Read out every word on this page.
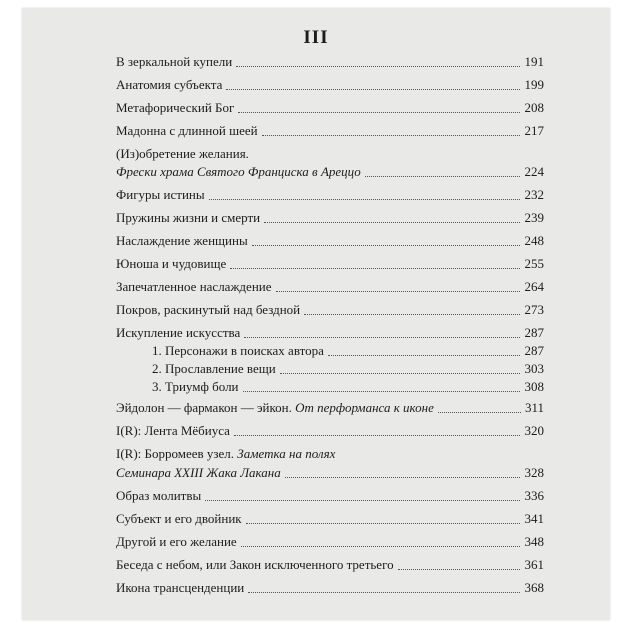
III
В зеркальной купели	191
Анатомия субъекта	199
Метафорический Бог	208
Мадонна с длинной шеей	217
(Из)обретение желания.
Фрески храма Святого Франциска в Ареццо	224
Фигуры истины	232
Пружины жизни и смерти	239
Наслаждение женщины	248
Юноша и чудовище	255
Запечатленное наслаждение	264
Покров, раскинутый над бездной	273
Искупление искусства	287
1. Персонажи в поисках автора	287
2. Прославление вещи	303
3. Триумф боли	308
Эйдолон — фармакон — эйкон. От перформанса к иконе	311
I(R): Лента Мёбиуса	320
I(R): Борромеев узел. Заметка на полях
Семинара XXIII Жака Лакана	328
Образ молитвы	336
Субъект и его двойник	341
Другой и его желание	348
Беседа с небом, или Закон исключенного третьего	361
Икона трансценденции	368
